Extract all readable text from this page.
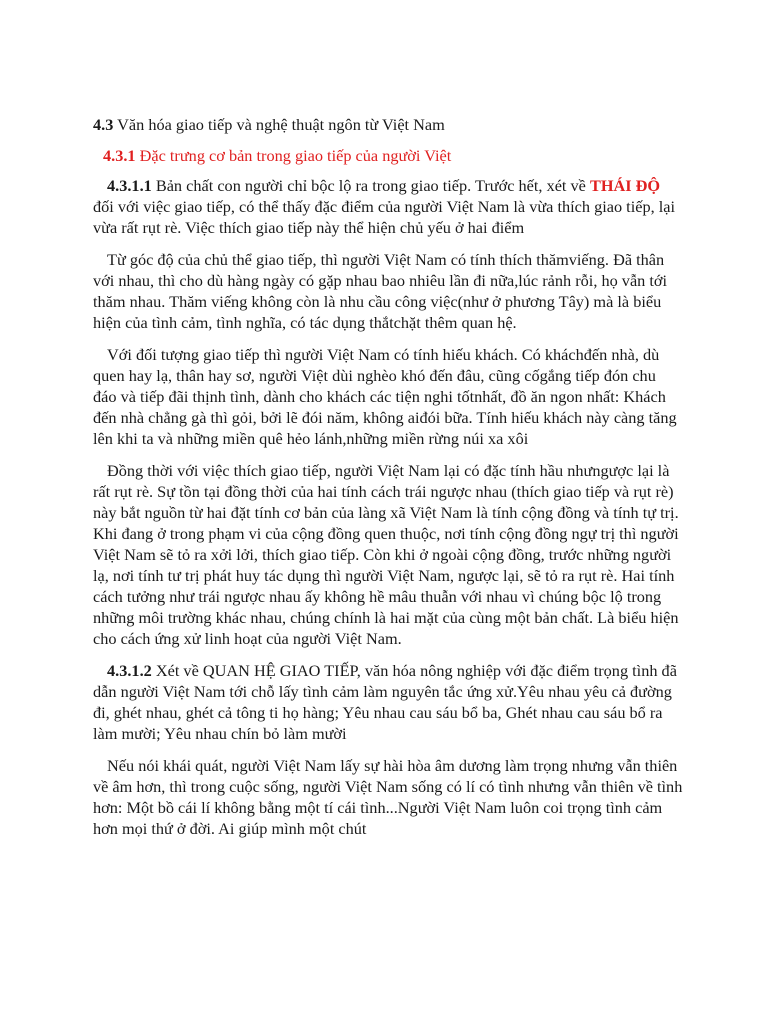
4.3 Văn hóa giao tiếp và nghệ thuật ngôn từ Việt Nam
4.3.1 Đặc trưng cơ bản trong giao tiếp của người Việt

4.3.1.1 Bản chất con người chỉ bộc lộ ra trong giao tiếp. Trước hết, xét về THÁI ĐỘ đối với việc giao tiếp, có thể thấy đặc điểm của người Việt Nam là vừa thích giao tiếp, lại vừa rất rụt rè. Việc thích giao tiếp này thể hiện chủ yếu ở hai điểm

Từ góc độ của chủ thể giao tiếp, thì người Việt Nam có tính thích thămviếng. Đã thân với nhau, thì cho dù hàng ngày có gặp nhau bao nhiêu lần đi nữa,lúc rảnh rỗi, họ vẫn tới thăm nhau. Thăm viếng không còn là nhu cầu công việc(như ở phương Tây) mà là biểu hiện của tình cảm, tình nghĩa, có tác dụng thắtchặt thêm quan hệ.

Với đối tượng giao tiếp thì người Việt Nam có tính hiếu khách. Có kháchđến nhà, dù quen hay lạ, thân hay sơ, người Việt dùi nghèo khó đến đâu, cũng cốgắng tiếp đón chu đáo và tiếp đãi thịnh tình, dành cho khách các tiện nghi tốtnhất, đồ ăn ngon nhất: Khách đến nhà chẳng gà thì gỏi, bởi lẽ đói năm, không aiđói bữa. Tính hiếu khách này càng tăng lên khi ta và những miền quê hẻo lánh,những miền rừng núi xa xôi

Đồng thời với việc thích giao tiếp, người Việt Nam lại có đặc tính hầu nhưngược lại là rất rụt rè. Sự tồn tại đồng thời của hai tính cách trái ngược nhau (thích giao tiếp và rụt rè) này bắt nguồn từ hai đặt tính cơ bản của làng xã Việt Nam là tính cộng đồng và tính tự trị. Khi đang ở trong phạm vi của cộng đồng quen thuộc, nơi tính cộng đồng ngự trị thì người Việt Nam sẽ tỏ ra xởi lởi, thích giao tiếp. Còn khi ở ngoài cộng đồng, trước những người lạ, nơi tính tư trị phát huy tác dụng thì người Việt Nam, ngược lại, sẽ tỏ ra rụt rè. Hai tính cách tưởng như trái ngược nhau ấy không hề mâu thuẫn với nhau vì chúng bộc lộ trong những môi trường khác nhau, chúng chính là hai mặt của cùng một bản chất. Là biểu hiện cho cách ứng xử linh hoạt của người Việt Nam.

4.3.1.2 Xét về QUAN HỆ GIAO TIẾP, văn hóa nông nghiệp với đặc điểm trọng tình đã dẫn người Việt Nam tới chỗ lấy tình cảm làm nguyên tắc ứng xử.Yêu nhau yêu cả đường đi, ghét nhau, ghét cả tông ti họ hàng; Yêu nhau cau sáu bổ ba, Ghét nhau cau sáu bổ ra làm mười; Yêu nhau chín bỏ làm mười

Nếu nói khái quát, người Việt Nam lấy sự hài hòa âm dương làm trọng nhưng vẫn thiên về âm hơn, thì trong cuộc sống, người Việt Nam sống có lí có tình nhưng vẫn thiên về tình hơn: Một bồ cái lí không bằng một tí cái tình...Người Việt Nam luôn coi trọng tình cảm hơn mọi thứ ở đời. Ai giúp mình một chút
